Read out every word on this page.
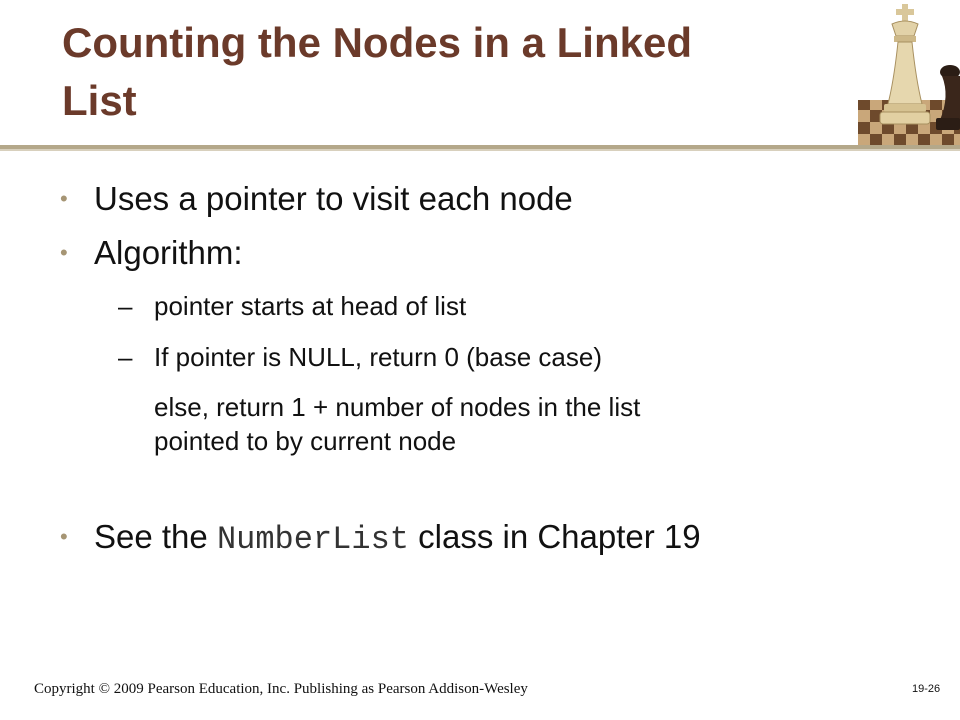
Counting the Nodes in a Linked
List
• Uses a pointer to visit each node
• Algorithm:
– pointer starts at head of list
– If pointer is NULL, return 0 (base case)
else, return 1 + number of nodes in the list
pointed to by current node
• See the NumberList class in Chapter 19
Copyright © 2009 Pearson Education, Inc. Publishing as Pearson Addison-Wesley	19-26
